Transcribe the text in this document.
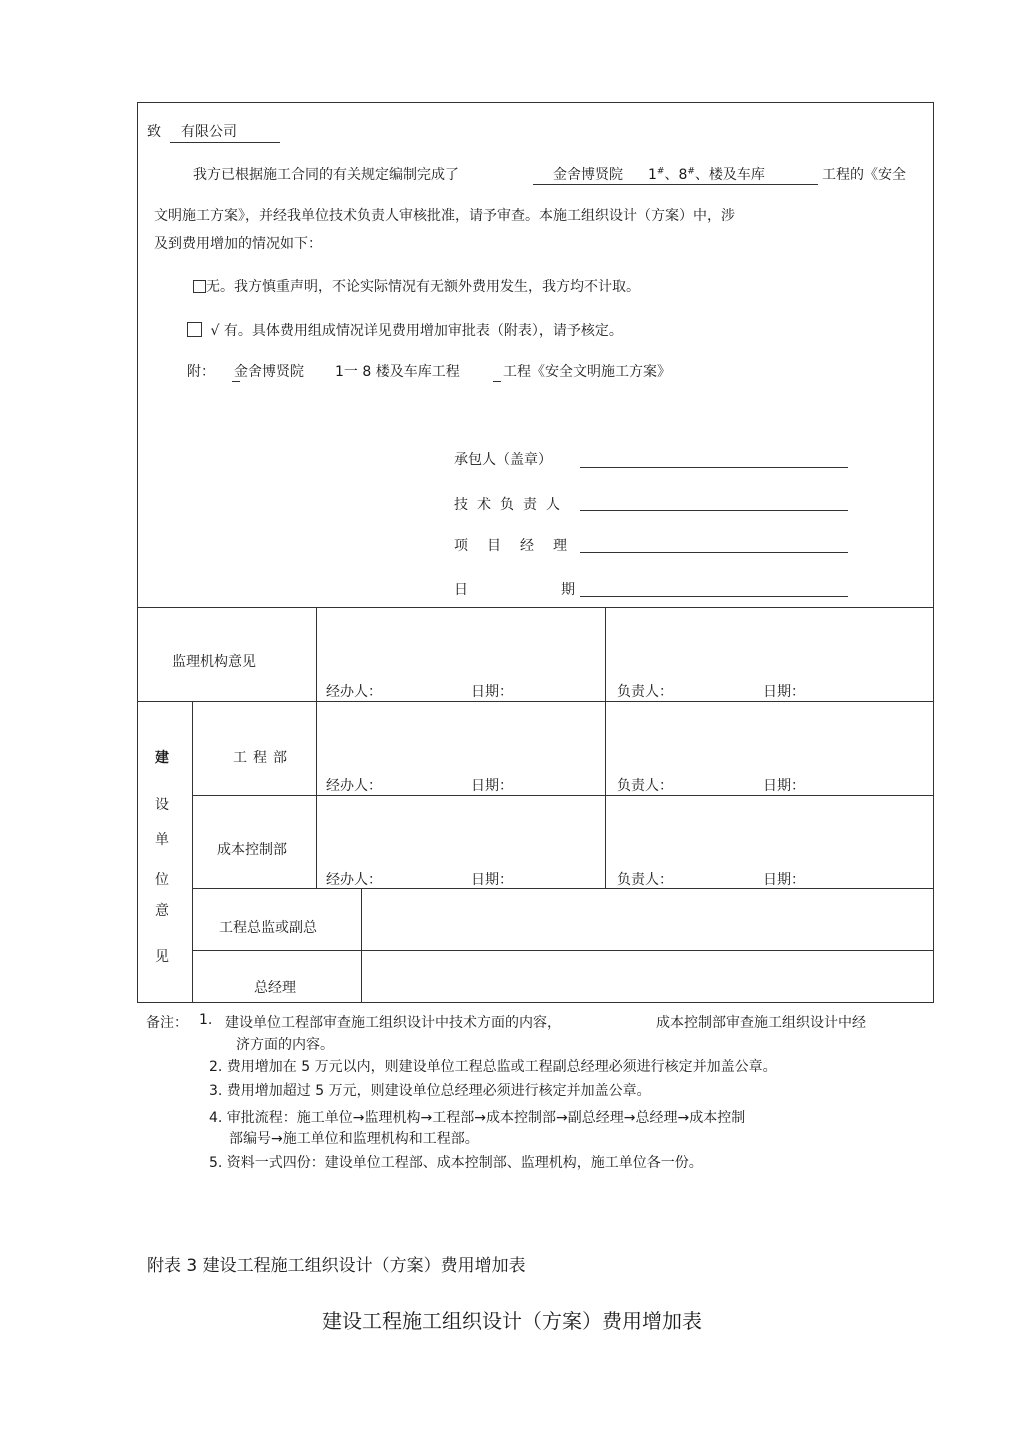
致 有限公司
我方已根据施工合同的有关规定编制完成了	金舍博贤院 1#、8#、楼及车库	工程的《安全
文明施工方案》，并经我单位技术负责人审核批准，请予审查。本施工组织设计（方案）中，涉
及到费用增加的情况如下：
无。我方慎重声明，不论实际情况有无额外费用发生，我方均不计取。
√ 有。具体费用组成情况详见费用增加审批表（附表），请予核定。
附： 金舍博贤院 1一 8 楼及车库工程	工程《安全文明施工方案》
承包人（盖章）
技术负责人
项目经理
日期
监理机构意见
经办人：	日期：	负责人：	日期：
建
设
单
位
意
见
工程部
经办人：	日期：	负责人：	日期：
成本控制部
经办人：	日期：	负责人：	日期：
工程总监或副总
总经理
备注： 1. 建设单位工程部审查施工组织设计中技术方面的内容，	成本控制部审查施工组织设计中经
济方面的内容。
2. 费用增加在 5 万元以内，则建设单位工程总监或工程副总经理必须进行核定并加盖公章。
3. 费用增加超过 5 万元，则建设单位总经理必须进行核定并加盖公章。
4. 审批流程：施工单位→监理机构→工程部→成本控制部→副总经理→总经理→成本控制
部编号→施工单位和监理机构和工程部。
5. 资料一式四份：建设单位工程部、成本控制部、监理机构，施工单位各一份。
附表 3 建设工程施工组织设计（方案）费用增加表
建设工程施工组织设计（方案）费用增加表
